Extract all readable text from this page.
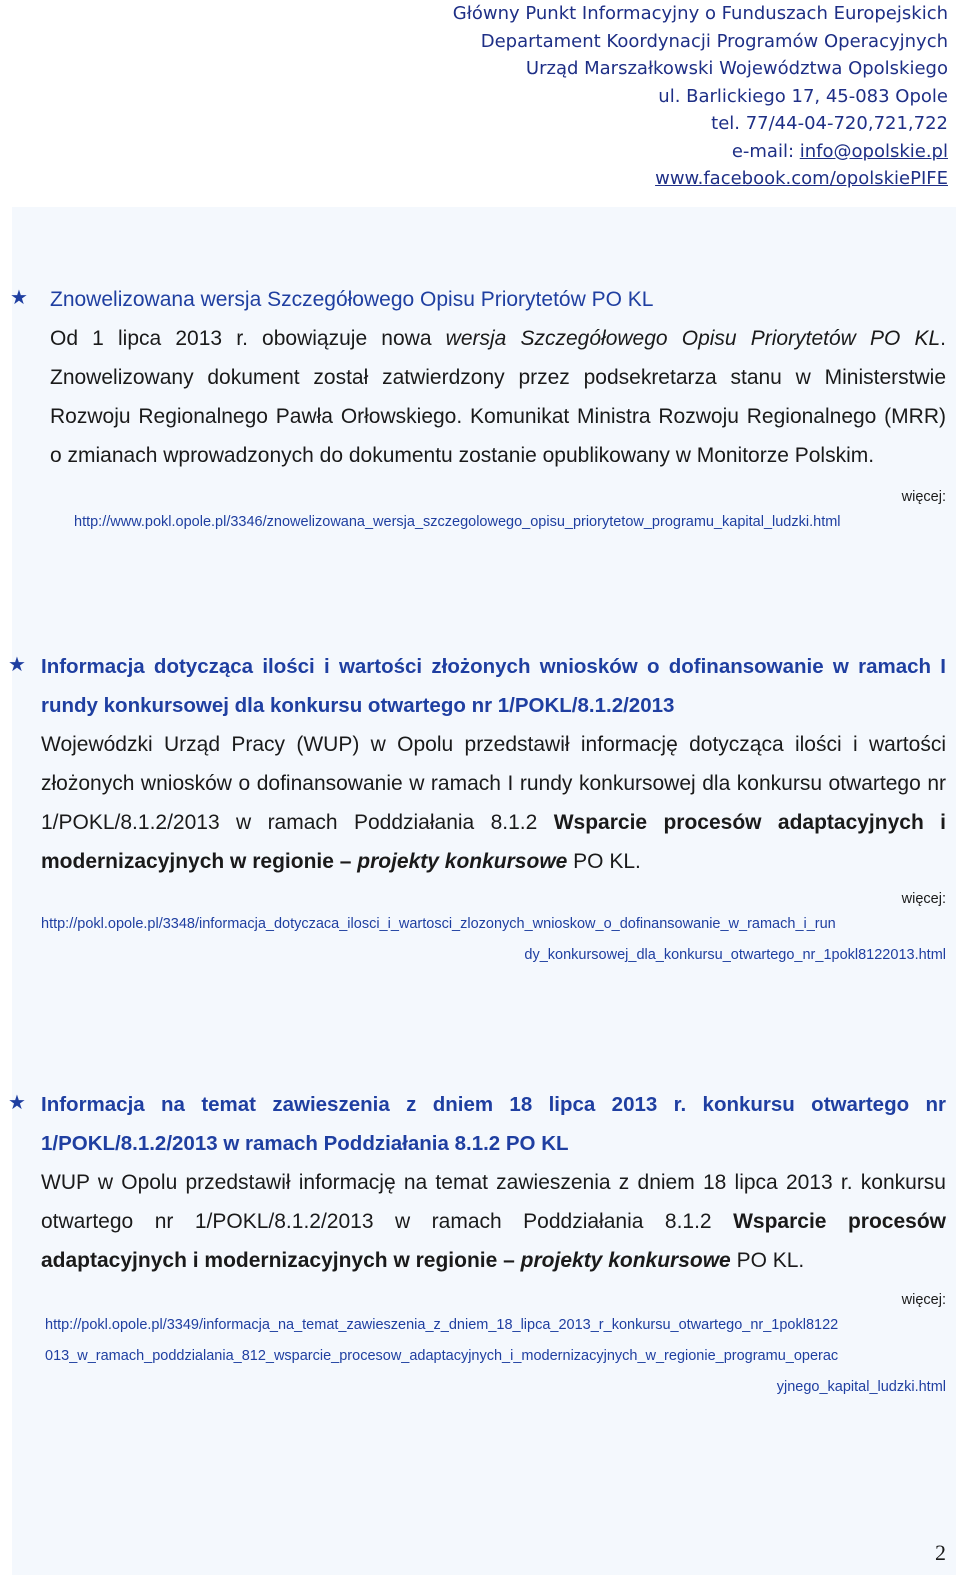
Główny Punkt Informacyjny o Funduszach Europejskich
Departament Koordynacji Programów Operacyjnych
Urząd Marszałkowski Województwa Opolskiego
ul. Barlickiego 17, 45-083 Opole
tel. 77/44-04-720,721,722
e-mail: info@opolskie.pl
www.facebook.com/opolskiePIFE
★ Znowelizowana wersja Szczegółowego Opisu Priorytetów PO KL
Od 1 lipca 2013 r. obowiązuje nowa wersja Szczegółowego Opisu Priorytetów PO KL. Znowelizowany dokument został zatwierdzony przez podsekretarza stanu w Ministerstwie Rozwoju Regionalnego Pawła Orłowskiego. Komunikat Ministra Rozwoju Regionalnego (MRR) o zmianach wprowadzonych do dokumentu zostanie opublikowany w Monitorze Polskim.
więcej:
http://www.pokl.opole.pl/3346/znowelizowana_wersja_szczegolowego_opisu_priorytetow_programu_kapital_ludzki.html
★ Informacja dotycząca ilości i wartości złożonych wniosków o dofinansowanie w ramach I rundy konkursowej dla konkursu otwartego nr 1/POKL/8.1.2/2013
Wojewódzki Urząd Pracy (WUP) w Opolu przedstawił informację dotycząca ilości i wartości złożonych wniosków o dofinansowanie w ramach I rundy konkursowej dla konkursu otwartego nr 1/POKL/8.1.2/2013 w ramach Poddziałania 8.1.2 Wsparcie procesów adaptacyjnych i modernizacyjnych w regionie – projekty konkursowe PO KL.
więcej:
http://pokl.opole.pl/3348/informacja_dotyczaca_ilosci_i_wartosci_zlozonych_wnioskow_o_dofinansowanie_w_ramach_i_run
dy_konkursowej_dla_konkursu_otwartego_nr_1pokl8122013.html
★ Informacja na temat zawieszenia z dniem 18 lipca 2013 r. konkursu otwartego nr 1/POKL/8.1.2/2013 w ramach Poddziałania 8.1.2 PO KL
WUP w Opolu przedstawił informację na temat zawieszenia z dniem 18 lipca 2013 r. konkursu otwartego nr 1/POKL/8.1.2/2013 w ramach Poddziałania 8.1.2 Wsparcie procesów adaptacyjnych i modernizacyjnych w regionie – projekty konkursowe PO KL.
więcej:
http://pokl.opole.pl/3349/informacja_na_temat_zawieszenia_z_dniem_18_lipca_2013_r_konkursu_otwartego_nr_1pokl8122
013_w_ramach_poddzialania_812_wsparcie_procesow_adaptacyjnych_i_modernizacyjnych_w_regionie_programu_operac
yjnego_kapital_ludzki.html
2
